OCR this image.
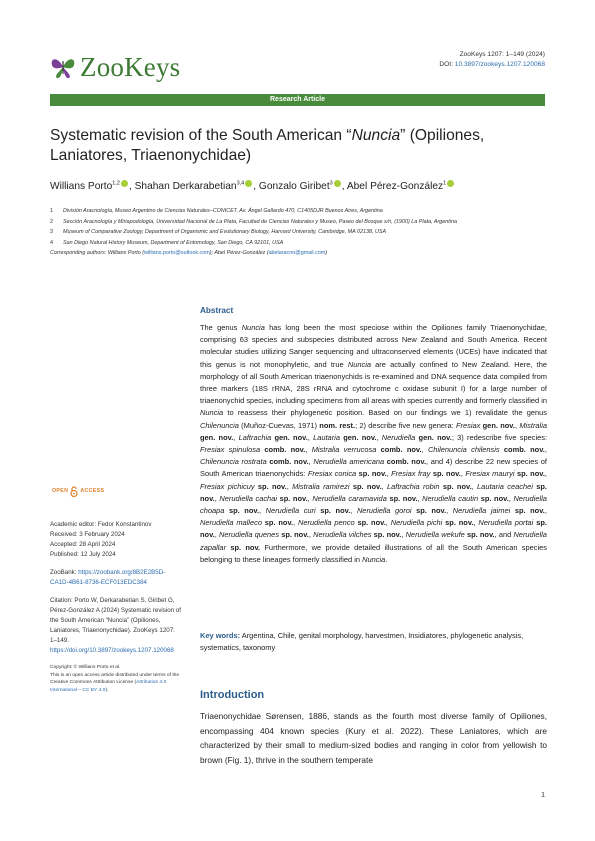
ZooKeys	ZooKeys 1207: 1–149 (2024)
DOI: 10.3897/zookeys.1207.120068
Research Article
Systematic revision of the South American “Nuncia” (Opiliones, Laniatores, Triaenonychidae)
Willians Porto$^{1,2}$ , Shahan Derkarabetian$^{3,4}$ , Gonzalo Giribet$^3$ , Abel Pérez-González$^1$
1 División Aracnología, Museo Argentino de Ciencias Naturales–CONICET, Av. Ángel Gallardo 470, C1405DJR Buenos Aires, Argentina
2 Sección Aracnología y Miriapodología, Universidad Nacional de La Plata, Facultad de Ciencias Naturales y Museo, Paseo del Bosque s/n, (1900) La Plata, Argentina
3 Museum of Comparative Zoology, Department of Organismic and Evolutionary Biology, Harvard University, Cambridge, MA 02138, USA
4 San Diego Natural History Museum, Department of Entomology, San Diego, CA 92101, USA
Corresponding authors: Willians Porto (willians.porto@outlook.com); Abel Pérez-González (abelaracno@gmail.com)
Abstract

The genus Nuncia has long been the most speciose within the Opiliones family Triaenonychidae, comprising 63 species and subspecies distributed across New Zealand and South America. Recent molecular studies utilizing Sanger sequencing and ultraconserved elements (UCEs) have indicated that this genus is not monophyletic, and true Nuncia are actually confined to New Zealand. Here, the morphology of all South American triaenonychids is re-examined and DNA sequence data compiled from three markers (18S rRNA, 28S rRNA and cytochrome c oxidase subunit I) for a large number of triaenonychid species, including specimens from all areas with species currently and formerly classified in Nuncia to reassess their phylogenetic position. Based on our findings we 1) revalidate the genus Chilenuncia (Muñoz-Cuevas, 1971) nom. rest.; 2) describe five new genera: Fresiax gen. nov., Mistralia gen. nov., Laftrachia gen. nov., Lautaria gen. nov., Nerudiella gen. nov.; 3) redescribe five species: Fresiax spinulosa comb. nov., Mistralia verrucosa comb. nov., Chilenuncia chilensis comb. nov., Chilenuncia rostrata comb. nov., Nerudiella americana comb. nov., and 4) describe 22 new species of South American triaenonychids: Fresiax conica sp. nov., Fresiax fray sp. nov., Fresiax mauryi sp. nov., Fresiax pichicuy sp. nov., Mistralia ramirezi sp. nov., Laftrachia robin sp. nov., Lautaria ceachei sp. nov., Nerudiella cachai sp. nov., Nerudiella caramavida sp. nov., Nerudiella cautin sp. nov., Nerudiella choapa sp. nov., Nerudiella curi sp. nov., Nerudiella goroi sp. nov., Nerudiella jaimei sp. nov., Nerudiella malleco sp. nov., Nerudiella penco sp. nov., Nerudiella pichi sp. nov., Nerudiella portai sp. nov., Nerudiella quenes sp. nov., Nerudiella vilches sp. nov., Nerudiella wekufe sp. nov., and Nerudiella zapallar sp. nov. Furthermore, we provide detailed illustrations of all the South American species belonging to these lineages formerly classified in Nuncia.

Key words: Argentina, Chile, genital morphology, harvestmen, Insidiatores, phylogenetic analysis, systematics, taxonomy

OPEN ACCESS
Academic editor: Fedor Konstantinov
Received: 3 February 2024
Accepted: 28 April 2024
Published: 12 July 2024
ZooBank: https://zoobank.org/8B2E2B5D-CA1D-4B61-8736-ECF013EDC384
Citation: Porto W, Derkarabetian S, Giribet G, Pérez-González A (2024) Systematic revision of the South American “Nuncia” (Opiliones, Laniatores, Triaenonychidae). ZooKeys 1207: 1–149. https://doi.org/10.3897/zookeys.1207.120068
Copyright: © Willians Porto et al.
This is an open access article distributed under terms of the Creative Commons Attribution License (Attribution 4.0 International – CC BY 4.0).	Introduction

Triaenonychidae Sørensen, 1886, stands as the fourth most diverse family of Opiliones, encompassing 404 known species (Kury et al. 2022). These Laniatores, which are characterized by their small to medium-sized bodies and ranging in color from yellowish to brown (Fig. 1), thrive in the southern temperate

1
